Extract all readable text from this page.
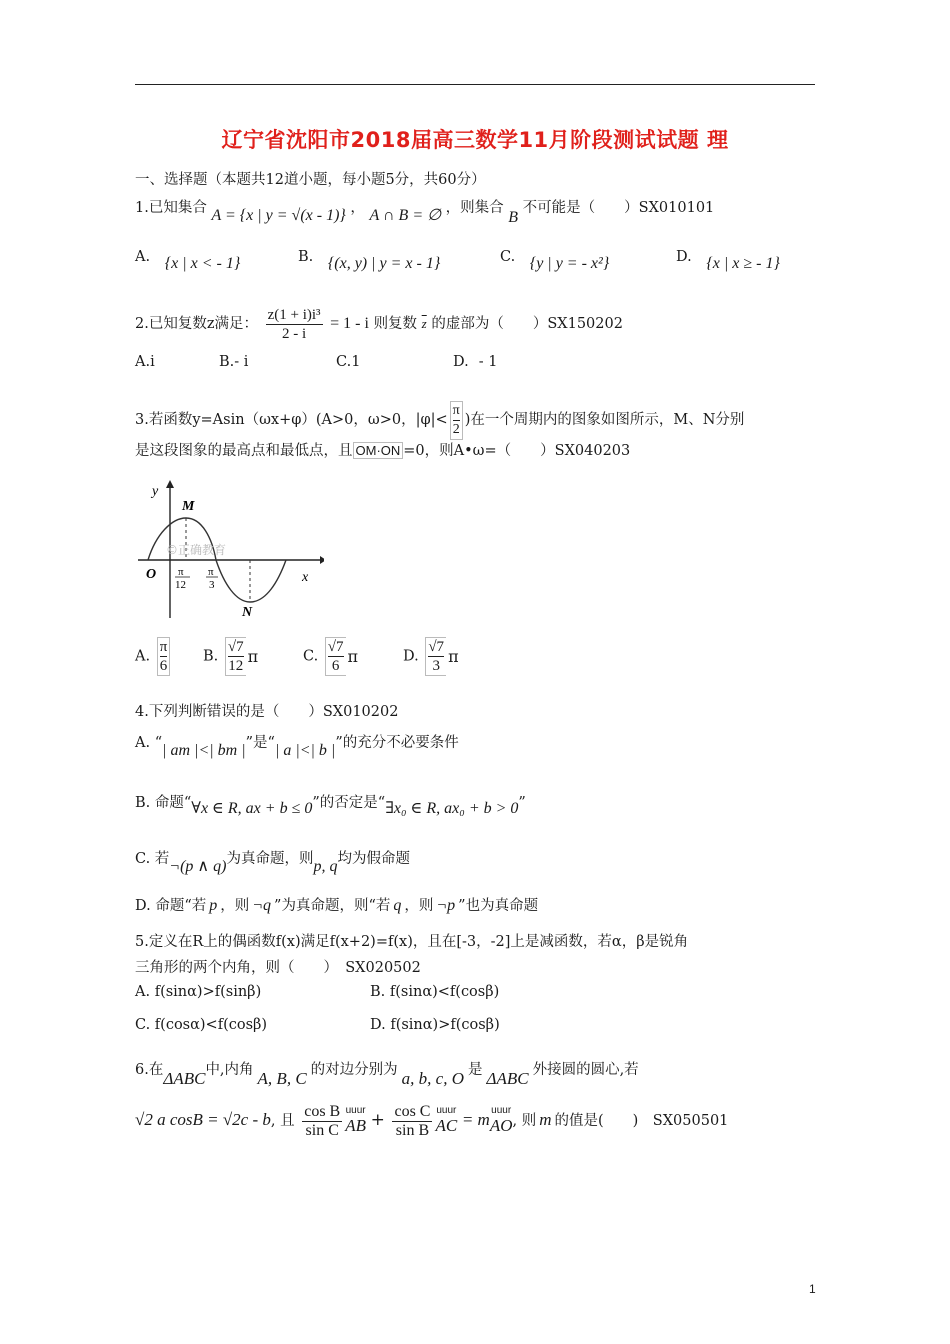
辽宁省沈阳市2018届高三数学11月阶段测试试题 理
一、选择题（本题共12道小题，每小题5分，共60分）
1.已知集合 A = {x | y = √(x - 1)} ， A ∩ B = ∅ ，则集合 B 不可能是（　　）SX010101
A. {x | x < - 1}	B. {(x, y) | y = x - 1}	C. {y | y = - x²}	D. {x | x ≥ - 1}
2.已知复数z满足： $\frac{\text{z(1 + i)i³}}{2 - i} = 1 - i$ 则复数 $\overline{z}$ 的虚部为（　　）SX150202
A.i	B.- i	C.1	D. - 1
3.若函数y=Asin（ωx+φ）(A>0，ω>0，$|\varphi|< \frac{\pi}{2}$ )在一个周期内的图象如图所示，M、N分别
是这段图象的最高点和最低点，且 OM·ON =0，则A•ω=（　　）SX040203
y
M
N
O	x
π
12
π
3
©正确教育
A. $\frac{\pi}{6} B$. $\frac{√7}{12}$ π	C. $\frac{√7}{6}$ π	D. $\frac{√7}{3}$ π
4.下列判断错误的是（　　）SX010202
A. “| am |<| bm |”是“| a |<| b |”的充分不必要条件
B. 命题“∀x ∈ R, ax + b ≤ 0”的否定是“∃x₀ ∈ R, ax₀ + b > 0”
C. 若¬(p ∧ q)为真命题，则p, q均为假命题
D. 命题“若 p ，则 ¬q ”为真命题，则“若 q ，则 ¬p ”也为真命题
5.定义在R上的偶函数f(x)满足f(x+2)=f(x)，且在[-3，-2]上是减函数，若α，β是锐角
三角形的两个内角，则（　　）　SX020502
A. f(sinα)>f(sinβ)	B. f(sinα)<f(cosβ)
C. f(cosα)<f(cosβ)	D. f(sinα)>f(cosβ)
6.在ΔABC中,内角 A, B, C 的对边分别为 a, b, c, O 是 ΔABC 外接圆的圆心,若
√2 a cosB = √2c - b, 且 $\frac{\text{cos B}}{\text{sin C}}$ uuur
AB + $\frac{\text{cos C}}{\text{sin B}}$ uuur
AC = m uuur
AO , 则 m 的值是(　　)　SX050501
1
